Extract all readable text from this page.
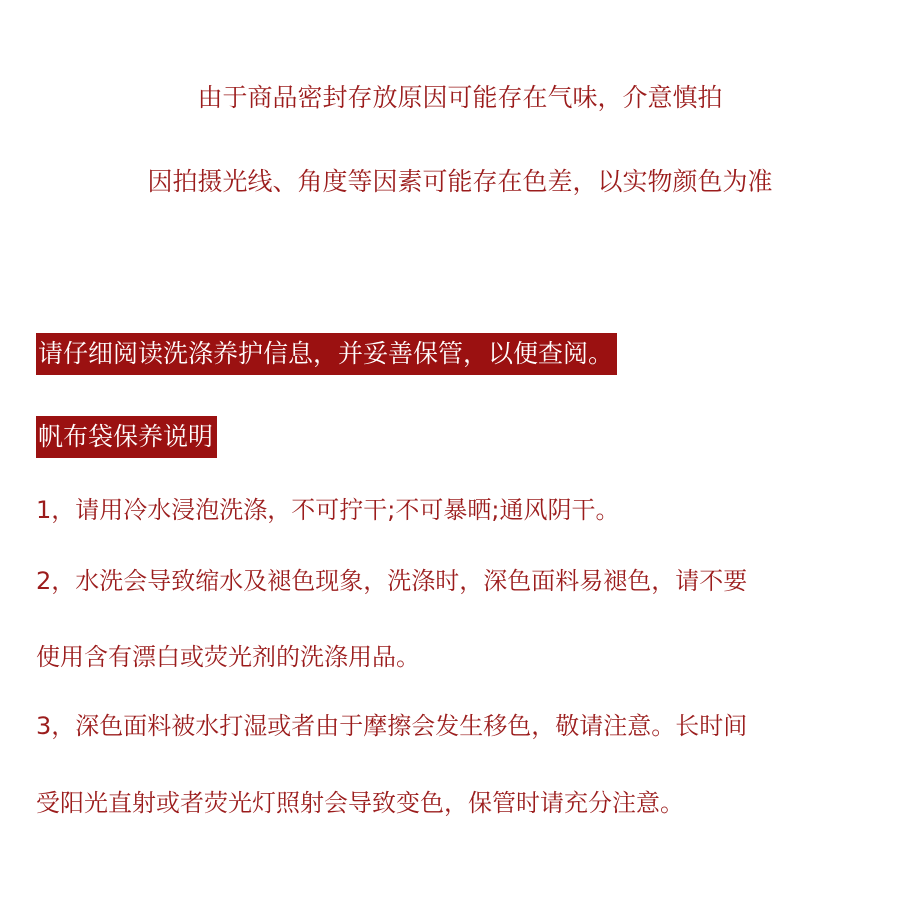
由于商品密封存放原因可能存在气味，介意慎拍
因拍摄光线、角度等因素可能存在色差，以实物颜色为准
请仔细阅读洗涤养护信息，并妥善保管，以便查阅。
帆布袋保养说明
1，请用冷水浸泡洗涤，不可拧干;不可暴晒;通风阴干。
2，水洗会导致缩水及褪色现象，洗涤时，深色面料易褪色，请不要
使用含有漂白或荧光剂的洗涤用品。
3，深色面料被水打湿或者由于摩擦会发生移色，敬请注意。长时间
受阳光直射或者荧光灯照射会导致变色，保管时请充分注意。
